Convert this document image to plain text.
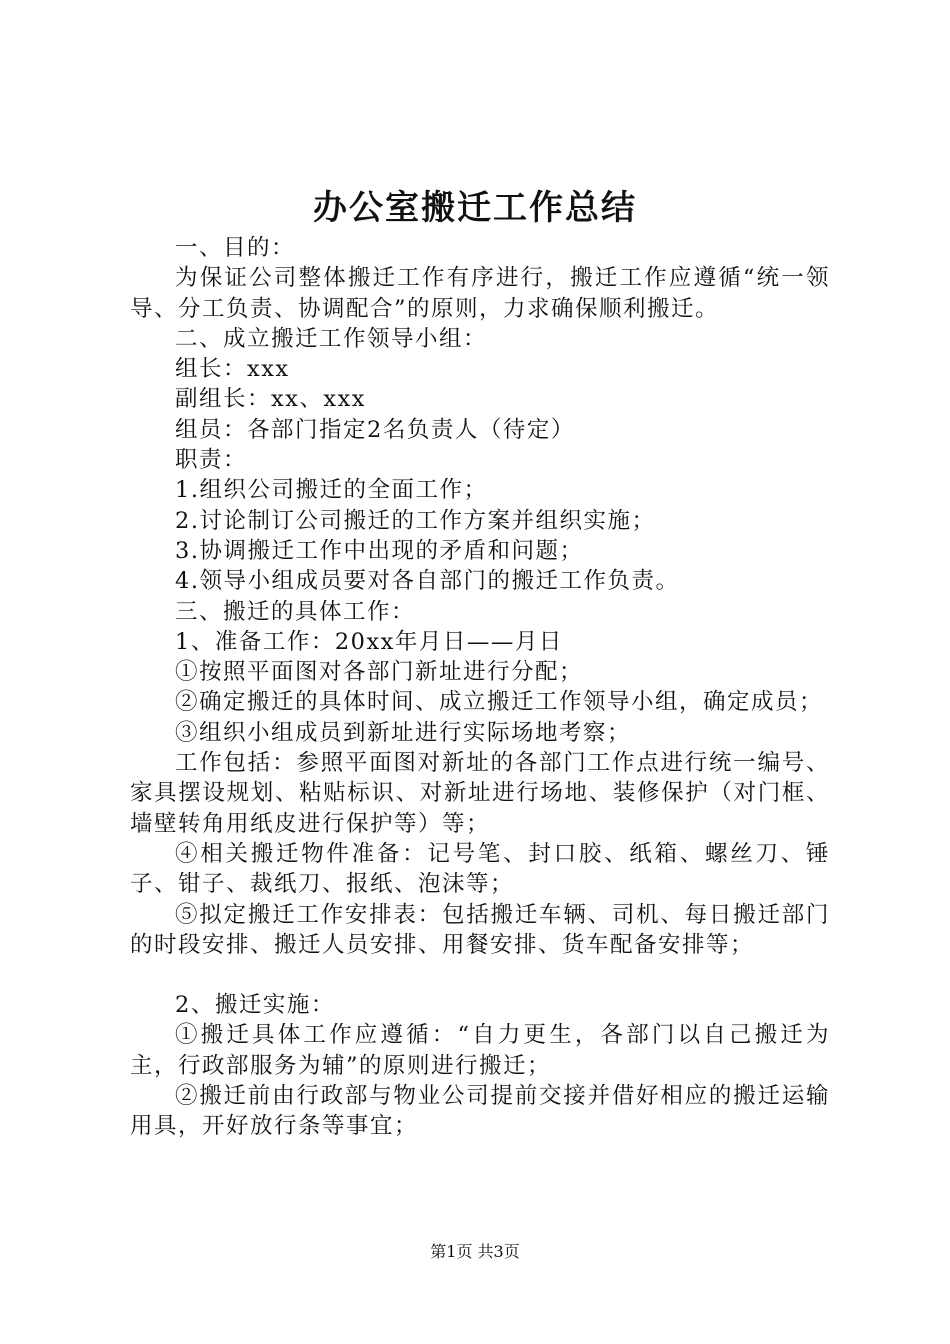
办公室搬迁工作总结

一、目的：

为保证公司整体搬迁工作有序进行，搬迁工作应遵循“统一领导、分工负责、协调配合”的原则，力求确保顺利搬迁。

二、成立搬迁工作领导小组：

组长：xxx

副组长：xx、xxx

组员：各部门指定2名负责人（待定）

职责：

1.组织公司搬迁的全面工作；

2.讨论制订公司搬迁的工作方案并组织实施；

3.协调搬迁工作中出现的矛盾和问题；

4.领导小组成员要对各自部门的搬迁工作负责。

三、搬迁的具体工作：

1、准备工作：20xx年月日——月日

①按照平面图对各部门新址进行分配；

②确定搬迁的具体时间、成立搬迁工作领导小组，确定成员；

③组织小组成员到新址进行实际场地考察；

工作包括：参照平面图对新址的各部门工作点进行统一编号、家具摆设规划、粘贴标识、对新址进行场地、装修保护（对门框、墙壁转角用纸皮进行保护等）等；

④相关搬迁物件准备：记号笔、封口胶、纸箱、螺丝刀、锤子、钳子、裁纸刀、报纸、泡沫等；

⑤拟定搬迁工作安排表：包括搬迁车辆、司机、每日搬迁部门的时段安排、搬迁人员安排、用餐安排、货车配备安排等；

2、搬迁实施：

①搬迁具体工作应遵循：“自力更生，各部门以自己搬迁为主，行政部服务为辅”的原则进行搬迁；

②搬迁前由行政部与物业公司提前交接并借好相应的搬迁运输用具，开好放行条等事宜；

第1页 共3页
